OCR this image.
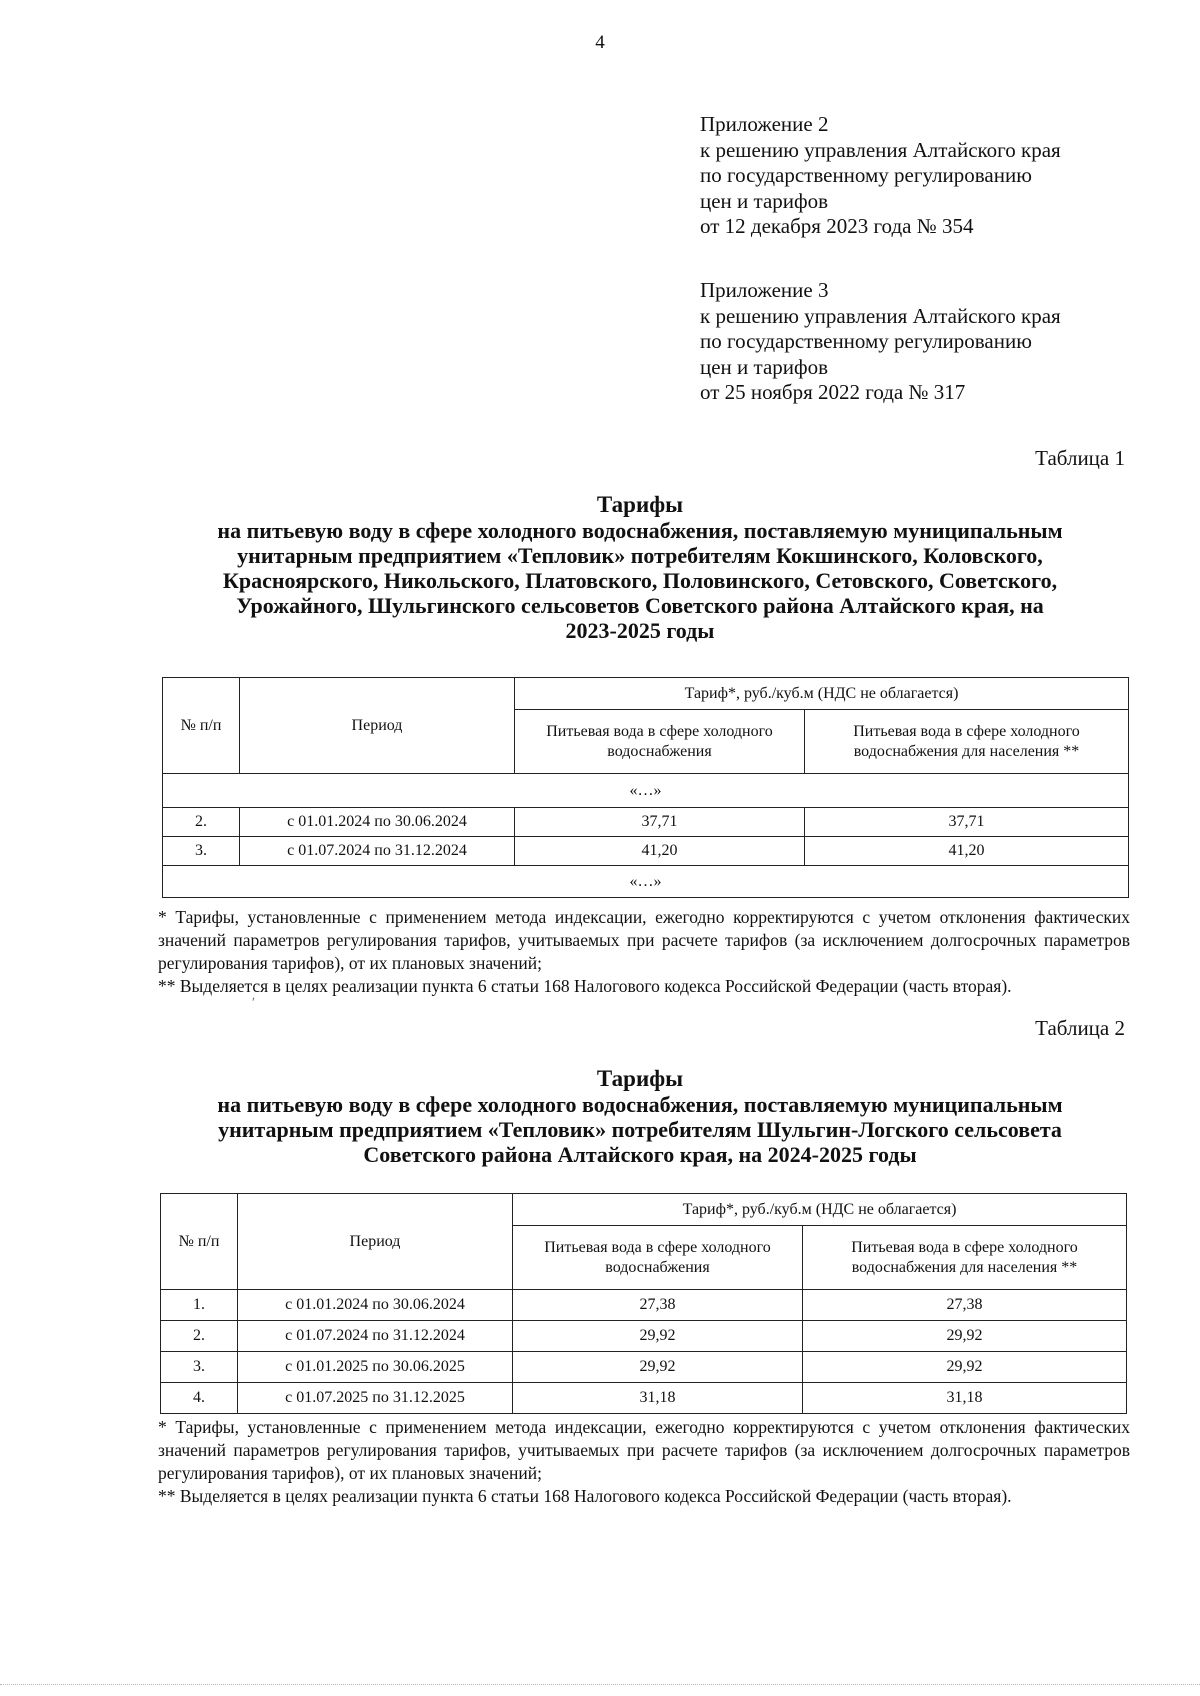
4
Приложение 2
к решению управления Алтайского края
по государственному регулированию
цен и тарифов
от 12 декабря 2023 года № 354
Приложение 3
к решению управления Алтайского края
по государственному регулированию
цен и тарифов
от 25 ноября 2022 года № 317
Таблица 1
Тарифы
на питьевую воду в сфере холодного водоснабжения, поставляемую муниципальным
унитарным предприятием «Тепловик» потребителям Кокшинского, Коловского,
Красноярского, Никольского, Платовского, Половинского, Сетовского, Советского,
Урожайного, Шульгинского сельсоветов Советского района Алтайского края, на
2023-2025 годы
№ п/п	Период	Тариф*, руб./куб.м (НДС не облагается)	
		Питьевая вода в сфере холодного водоснабжения	Питьевая вода в сфере холодного водоснабжения для населения **
«…»			
2.	с 01.01.2024 по 30.06.2024	37,71	37,71
3.	с 01.07.2024 по 31.12.2024	41,20	41,20
«…»			

* Тарифы, установленные с применением метода индексации, ежегодно корректируются с учетом отклонения фактических значений параметров регулирования тарифов, учитываемых при расчете тарифов (за исключением долгосрочных параметров регулирования тарифов), от их плановых значений;

** Выделяется в целях реализации пункта 6 статьи 168 Налогового кодекса Российской Федерации (часть вторая).

ʹ
Таблица 2
Тарифы
на питьевую воду в сфере холодного водоснабжения, поставляемую муниципальным
унитарным предприятием «Тепловик» потребителям Шульгин-Логского сельсовета
Советского района Алтайского края, на 2024-2025 годы
№ п/п	Период	Тариф*, руб./куб.м (НДС не облагается)	
		Питьевая вода в сфере холодного водоснабжения	Питьевая вода в сфере холодного водоснабжения для населения **
1.	с 01.01.2024 по 30.06.2024	27,38	27,38
2.	с 01.07.2024 по 31.12.2024	29,92	29,92
3.	с 01.01.2025 по 30.06.2025	29,92	29,92
4.	с 01.07.2025 по 31.12.2025	31,18	31,18

* Тарифы, установленные с применением метода индексации, ежегодно корректируются с учетом отклонения фактических значений параметров регулирования тарифов, учитываемых при расчете тарифов (за исключением долгосрочных параметров регулирования тарифов), от их плановых значений;

** Выделяется в целях реализации пункта 6 статьи 168 Налогового кодекса Российской Федерации (часть вторая).
